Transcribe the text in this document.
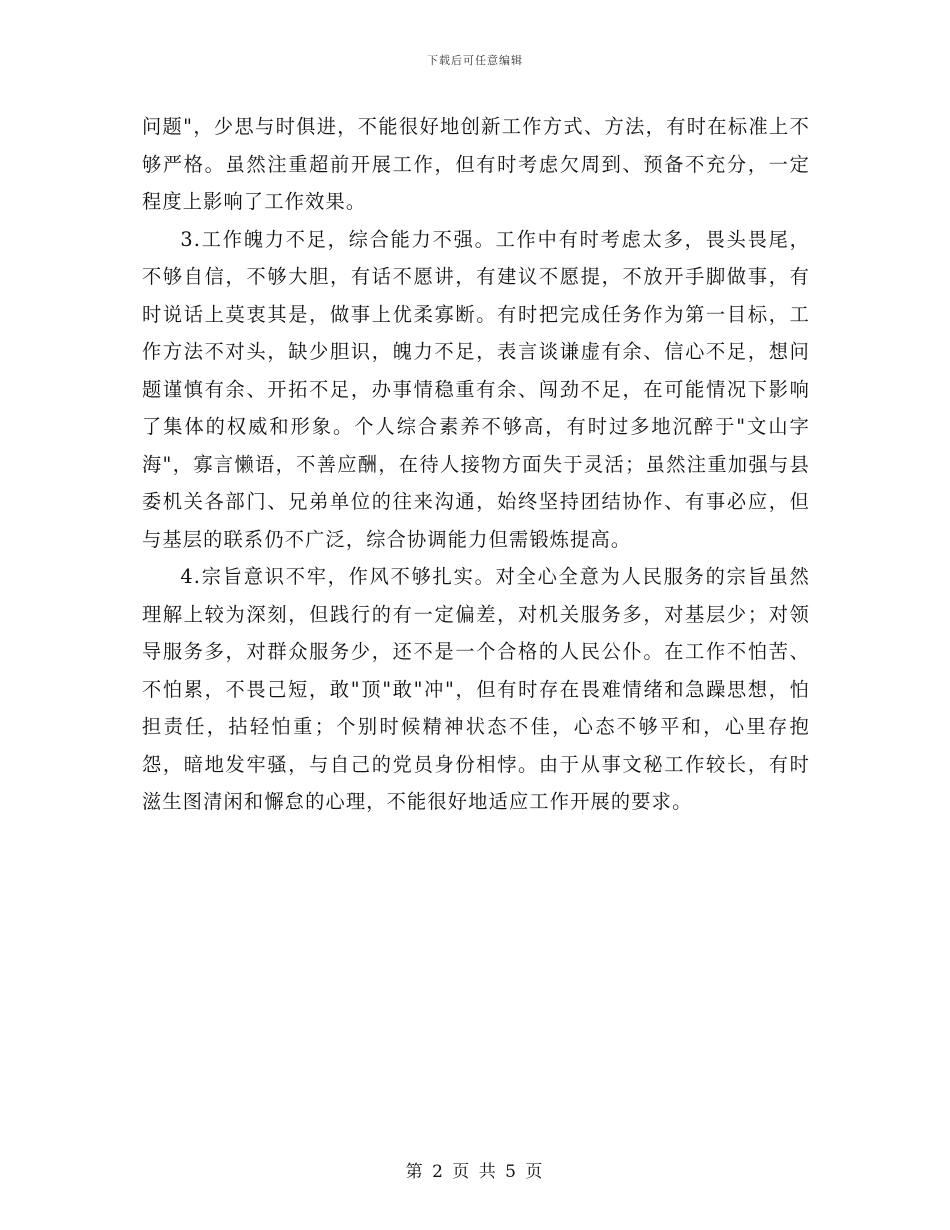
下载后可任意编辑

问题"，少思与时俱进，不能很好地创新工作方式、方法，有时在标准上不够严格。虽然注重超前开展工作，但有时考虑欠周到、预备不充分，一定程度上影响了工作效果。

3.工作魄力不足，综合能力不强。工作中有时考虑太多，畏头畏尾，不够自信，不够大胆，有话不愿讲，有建议不愿提，不放开手脚做事，有时说话上莫衷其是，做事上优柔寡断。有时把完成任务作为第一目标，工作方法不对头，缺少胆识，魄力不足，表言谈谦虚有余、信心不足，想问题谨慎有余、开拓不足，办事情稳重有余、闯劲不足，在可能情况下影响了集体的权威和形象。个人综合素养不够高，有时过多地沉醉于"文山字海"，寡言懒语，不善应酬，在待人接物方面失于灵活；虽然注重加强与县委机关各部门、兄弟单位的往来沟通，始终坚持团结协作、有事必应，但与基层的联系仍不广泛，综合协调能力但需锻炼提高。

4.宗旨意识不牢，作风不够扎实。对全心全意为人民服务的宗旨虽然理解上较为深刻，但践行的有一定偏差，对机关服务多，对基层少；对领导服务多，对群众服务少，还不是一个合格的人民公仆。在工作不怕苦、不怕累，不畏己短，敢"顶"敢"冲"，但有时存在畏难情绪和急躁思想，怕担责任，拈轻怕重；个别时候精神状态不佳，心态不够平和，心里存抱怨，暗地发牢骚，与自己的党员身份相悖。由于从事文秘工作较长，有时滋生图清闲和懈怠的心理，不能很好地适应工作开展的要求。

第 2 页 共 5 页
